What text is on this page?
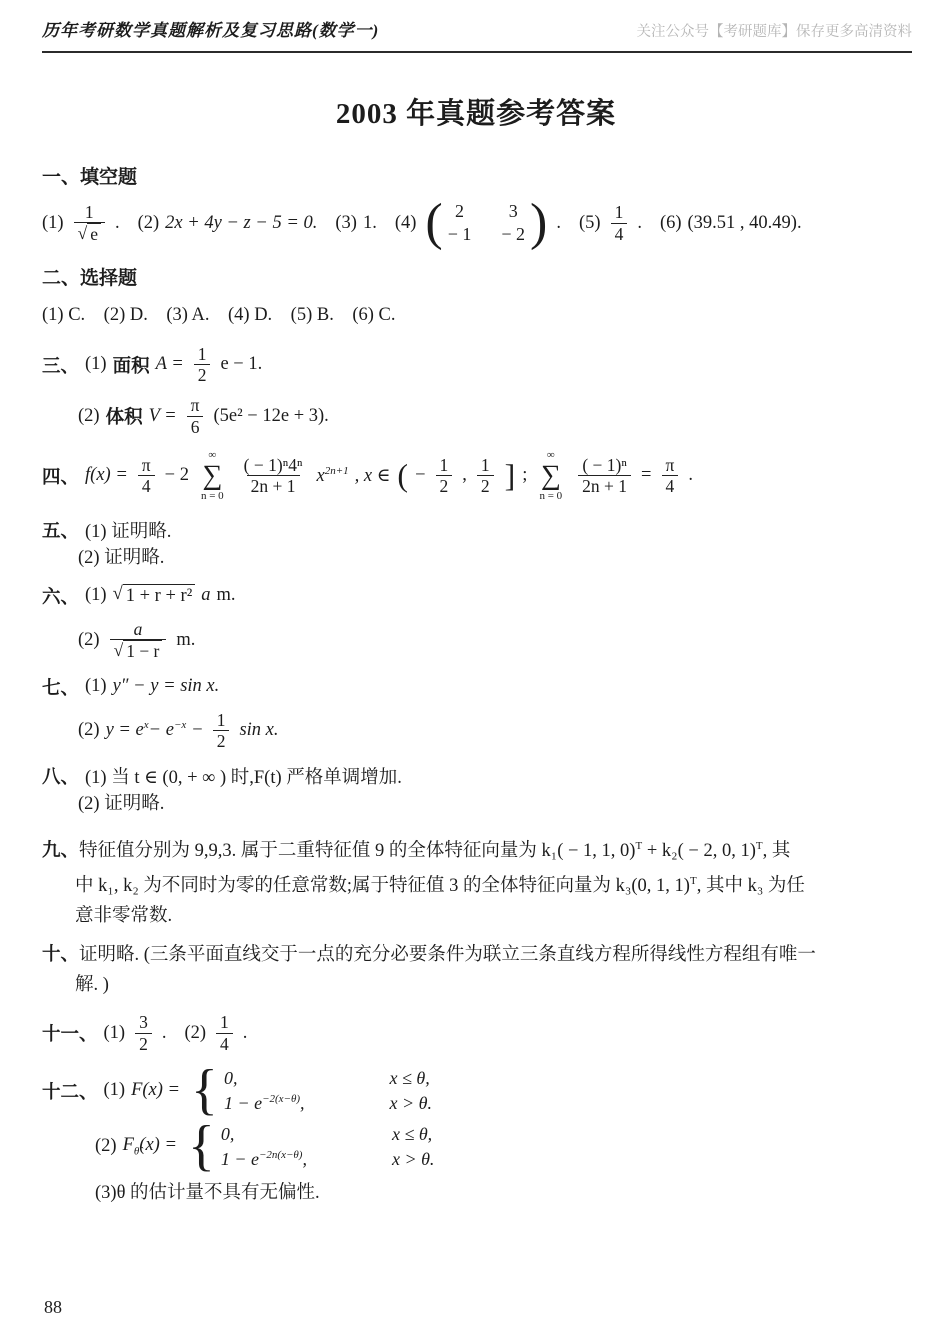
历年考研数学真题解析及复习思路(数学一)	关注公众号【考研题库】保存更多高清资料
2003 年真题参考答案
一、填空题
$(1) \frac{1}{√ e}$ . (2) 2x + 4y − z − 5 = 0. (3) 1. (4) ( 2	3
− 1 − 2 ) . $(5) \frac{1}{4}$ . (6) (39.51 , 40.49).
二、选择题
(1) C.　(2) D.　(3) A.　(4) D.　(5) B.　(6) C.
三、 (1) 面积 $A = \frac{1}{2}$ e − 1.
(2) 体积 $V = \frac{\pi}{6} (5e^2 - 12e + 3)$.
四、 $f(x) = \frac{\pi}{4} - 2$
∞
∑
$n = 0 \frac{\text{( − 1)ⁿ4ⁿ}}{2n + 1} x^{2n+1}$ , x ∈ ( − $\frac{1}{2}$ , $\frac{1}{2}$ ] ;
∞
∑
$n = 0 \frac{\text{( − 1)ⁿ}}{2n + 1} = \frac{\pi}{4}$ .
五、 (1) 证明略.
(2) 证明略.
六、 (1) √ 1 + r + r² a m.
$(2) \frac{a}{√ 1 - r} m$.
七、 (1) y″ − y = sin x.
(2) $y = e^x- e^{-x} - \frac{1}{2}$ sin x.
八、 (1) 当 t ∈ (0, + ∞ ) 时,F(t) 严格单调增加.
(2) 证明略.
九、特征值分别为 9,9,3. 属于二重特征值 9 的全体特征向量为 k₁( − 1, 1, 0)$^T$ + k₂( − 2, 0, 1)$^T$, 其
中 k₁, k₂ 为不同时为零的任意常数;属于特征值 3 的全体特征向量为 k₃(0, 1, 1)$^T$, 其中 k₃ 为任
意非零常数.
十、证明略. (三条平面直线交于一点的充分必要条件为联立三条直线方程所得线性方程组有唯一
解. )
十一、 $(1) \frac{3}{2}$ . $(2) \frac{1}{4}$ .
十二、 (1) F(x) = { 0,	x ≤ θ,
$1 - e^{-2(x-\theta)}$,	x > θ.
(2) $F_{\thetâ}(x)$ = { 0,	x ≤ θ,
$1 - e^{-2n(x-\theta)}$,	x > θ.
(3)θ 的估计量不具有无偏性.
88
